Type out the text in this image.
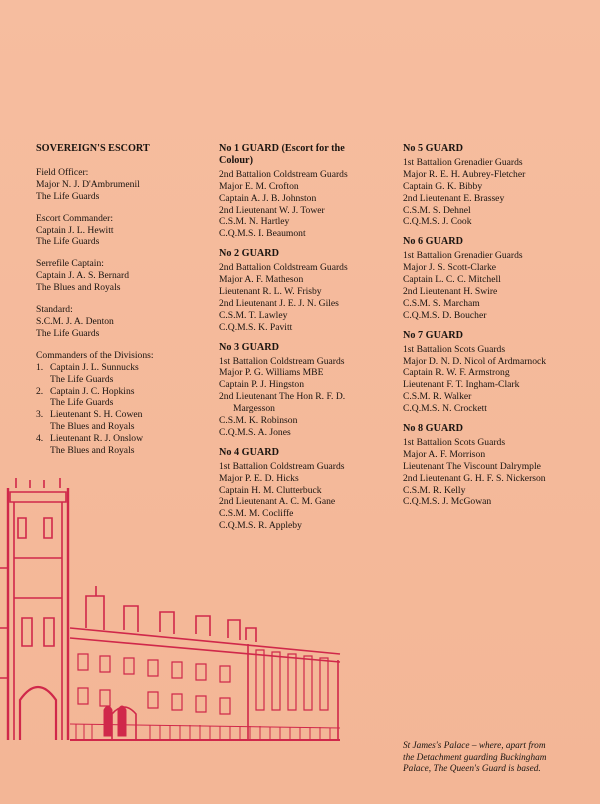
SOVEREIGN'S ESCORT
Field Officer:
Major N. J. D'Ambrumenil
The Life Guards
Escort Commander:
Captain J. L. Hewitt
The Life Guards
Serrefile Captain:
Captain J. A. S. Bernard
The Blues and Royals
Standard:
S.C.M. J. A. Denton
The Life Guards
Commanders of the Divisions:
1. Captain J. L. Sunnucks
The Life Guards
2. Captain J. C. Hopkins
The Life Guards
3. Lieutenant S. H. Cowen
The Blues and Royals
4. Lieutenant R. J. Onslow
The Blues and Royals
No 1 GUARD (Escort for the
Colour)
2nd Battalion Coldstream Guards
Major E. M. Crofton
Captain A. J. B. Johnston
2nd Lieutenant W. J. Tower
C.S.M. N. Hartley
C.Q.M.S. I. Beaumont
No 2 GUARD
2nd Battalion Coldstream Guards
Major A. F. Matheson
Lieutenant R. L. W. Frisby
2nd Lieutenant J. E. J. N. Giles
C.S.M. T. Lawley
C.Q.M.S. K. Pavitt
No 3 GUARD
1st Battalion Coldstream Guards
Major P. G. Williams MBE
Captain P. J. Hingston
2nd Lieutenant The Hon R. F. D.
Margesson
C.S.M. K. Robinson
C.Q.M.S. A. Jones
No 4 GUARD
1st Battalion Coldstream Guards
Major P. E. D. Hicks
Captain H. M. Clutterbuck
2nd Lieutenant A. C. M. Gane
C.S.M. M. Cocliffe
C.Q.M.S. R. Appleby
No 5 GUARD
1st Battalion Grenadier Guards
Major R. E. H. Aubrey-Fletcher
Captain G. K. Bibby
2nd Lieutenant E. Brassey
C.S.M. S. Dehnel
C.Q.M.S. J. Cook
No 6 GUARD
1st Battalion Grenadier Guards
Major J. S. Scott-Clarke
Captain L. C. C. Mitchell
2nd Lieutenant H. Swire
C.S.M. S. Marcham
C.Q.M.S. D. Boucher
No 7 GUARD
1st Battalion Scots Guards
Major D. N. D. Nicol of Ardmarnock
Captain R. W. F. Armstrong
Lieutenant F. T. Ingham-Clark
C.S.M. R. Walker
C.Q.M.S. N. Crockett
No 8 GUARD
1st Battalion Scots Guards
Major A. F. Morrison
Lieutenant The Viscount Dalrymple
2nd Lieutenant G. H. F. S. Nickerson
C.S.M. R. Kelly
C.Q.M.S. J. McGowan
St James's Palace – where, apart from
the Detachment guarding Buckingham
Palace, The Queen's Guard is based.
